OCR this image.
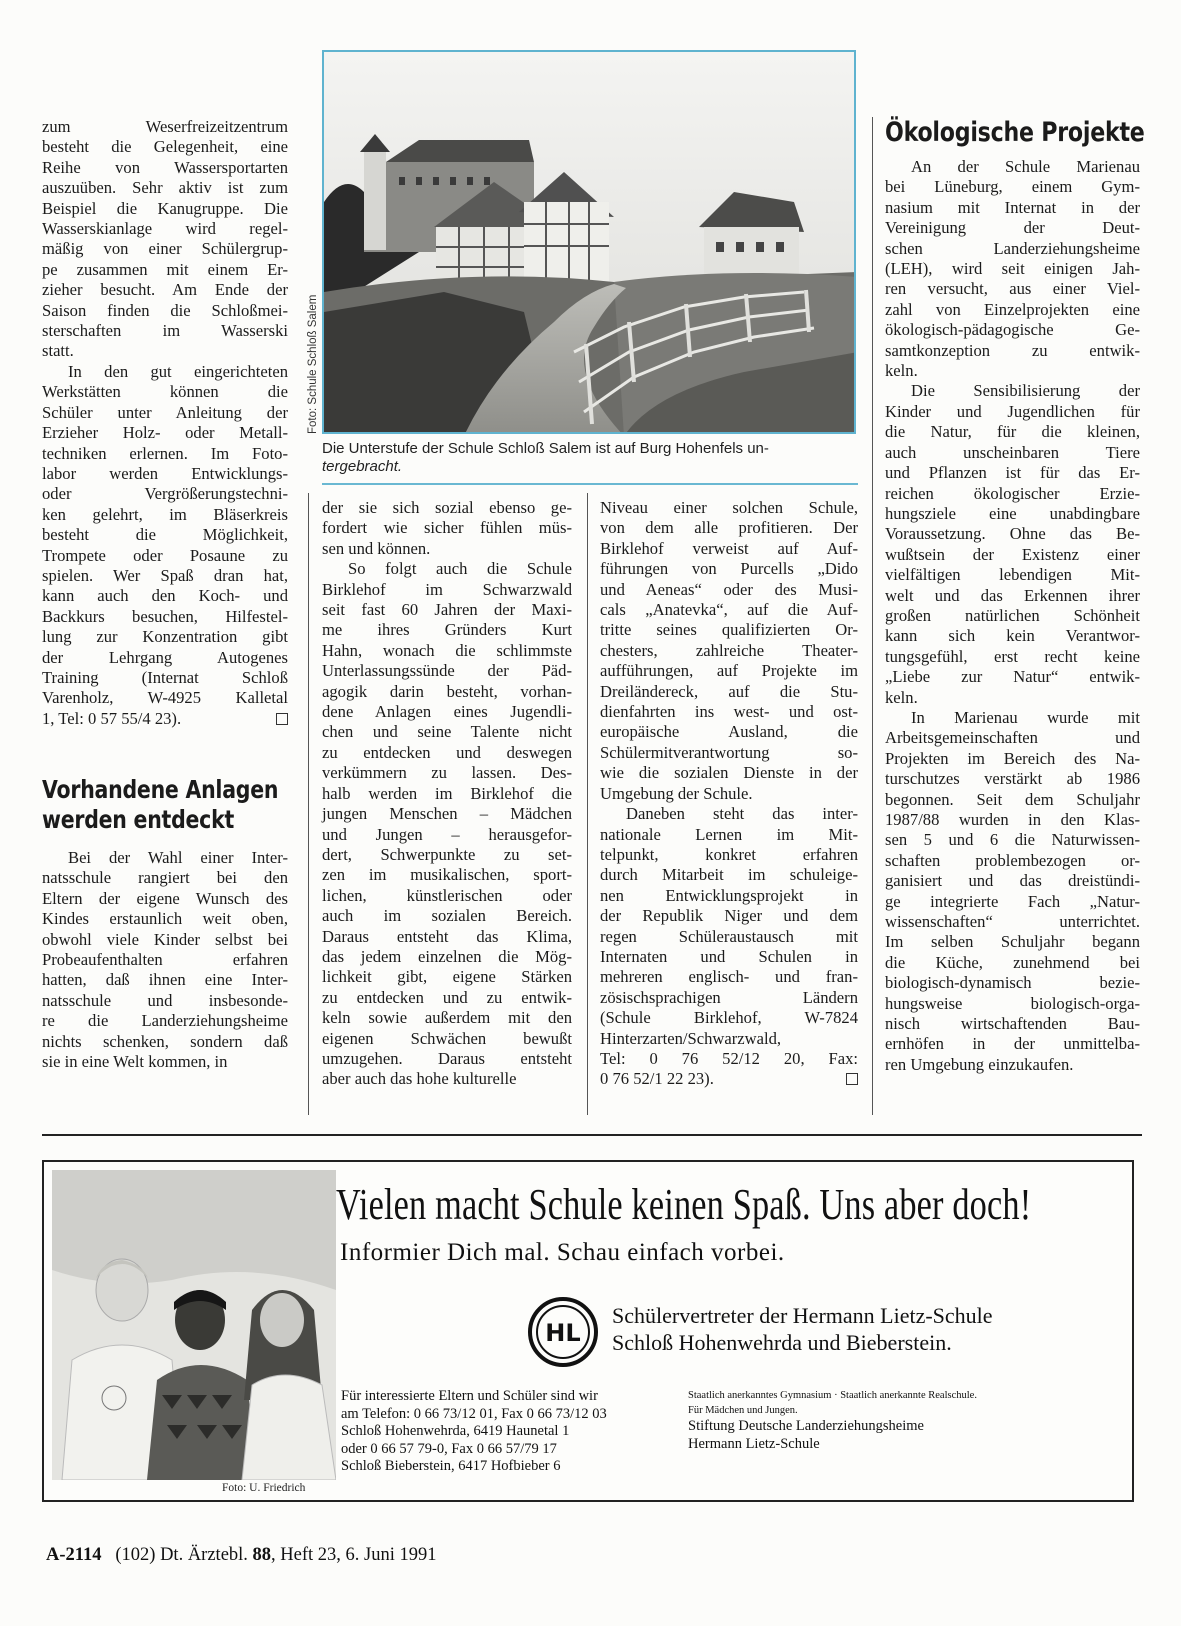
zum Weserfreizeitzentrum

besteht die Gelegenheit, eine

Reihe von Wassersportarten

auszuüben. Sehr aktiv ist zum

Beispiel die Kanugruppe. Die

Wasserskianlage wird regel-

mäßig von einer Schülergrup-

pe zusammen mit einem Er-

zieher besucht. Am Ende der

Saison finden die Schloßmei-

sterschaften im Wasserski

statt.

In den gut eingerichteten

Werkstätten können die

Schüler unter Anleitung der

Erzieher Holz- oder Metall-

techniken erlernen. Im Foto-

labor werden Entwicklungs-

oder Vergrößerungstechni-

ken gelehrt, im Bläserkreis

besteht die Möglichkeit,

Trompete oder Posaune zu

spielen. Wer Spaß dran hat,

kann auch den Koch- und

Backkurs besuchen, Hilfestel-

lung zur Konzentration gibt

der Lehrgang Autogenes

Training (Internat Schloß

Varenholz, W-4925 Kalletal

1, Tel: 0 57 55/4 23).

Vorhandene Anlagen
werden entdeckt

Bei der Wahl einer Inter-

natsschule rangiert bei den

Eltern der eigene Wunsch des

Kindes erstaunlich weit oben,

obwohl viele Kinder selbst bei

Probeaufenthalten erfahren

hatten, daß ihnen eine Inter-

natsschule und insbesonde-

re die Landerziehungsheime

nichts schenken, sondern daß

sie in eine Welt kommen, in

Foto: Schule Schloß Salem
Die Unterstufe der Schule Schloß Salem ist auf Burg Hohenfels un-
tergebracht.

der sie sich sozial ebenso ge-

fordert wie sicher fühlen müs-

sen und können.

So folgt auch die Schule

Birklehof im Schwarzwald

seit fast 60 Jahren der Maxi-

me ihres Gründers Kurt

Hahn, wonach die schlimmste

Unterlassungssünde der Päd-

agogik darin besteht, vorhan-

dene Anlagen eines Jugendli-

chen und seine Talente nicht

zu entdecken und deswegen

verkümmern zu lassen. Des-

halb werden im Birklehof die

jungen Menschen – Mädchen

und Jungen – herausgefor-

dert, Schwerpunkte zu set-

zen im musikalischen, sport-

lichen, künstlerischen oder

auch im sozialen Bereich.

Daraus entsteht das Klima,

das jedem einzelnen die Mög-

lichkeit gibt, eigene Stärken

zu entdecken und zu entwik-

keln sowie außerdem mit den

eigenen Schwächen bewußt

umzugehen. Daraus entsteht

aber auch das hohe kulturelle

Niveau einer solchen Schule,

von dem alle profitieren. Der

Birklehof verweist auf Auf-

führungen von Purcells „Dido

und Aeneas“ oder des Musi-

cals „Anatevka“, auf die Auf-

tritte seines qualifizierten Or-

chesters, zahlreiche Theater-

aufführungen, auf Projekte im

Dreiländereck, auf die Stu-

dienfahrten ins west- und ost-

europäische Ausland, die

Schülermitverantwortung so-

wie die sozialen Dienste in der

Umgebung der Schule.

Daneben steht das inter-

nationale Lernen im Mit-

telpunkt, konkret erfahren

durch Mitarbeit im schuleige-

nen Entwicklungsprojekt in

der Republik Niger und dem

regen Schüleraustausch mit

Internaten und Schulen in

mehreren englisch- und fran-

zösischsprachigen Ländern

(Schule Birklehof, W-7824

Hinterzarten/Schwarzwald,

Tel: 0 76 52/12 20, Fax:

0 76 52/1 22 23).

Ökologische Projekte

An der Schule Marienau

bei Lüneburg, einem Gym-

nasium mit Internat in der

Vereinigung der Deut-

schen Landerziehungsheime

(LEH), wird seit einigen Jah-

ren versucht, aus einer Viel-

zahl von Einzelprojekten eine

ökologisch-pädagogische Ge-

samtkonzeption zu entwik-

keln.

Die Sensibilisierung der

Kinder und Jugendlichen für

die Natur, für die kleinen,

auch unscheinbaren Tiere

und Pflanzen ist für das Er-

reichen ökologischer Erzie-

hungsziele eine unabdingbare

Voraussetzung. Ohne das Be-

wußtsein der Existenz einer

vielfältigen lebendigen Mit-

welt und das Erkennen ihrer

großen natürlichen Schönheit

kann sich kein Verantwor-

tungsgefühl, erst recht keine

„Liebe zur Natur“ entwik-

keln.

In Marienau wurde mit

Arbeitsgemeinschaften und

Projekten im Bereich des Na-

turschutzes verstärkt ab 1986

begonnen. Seit dem Schuljahr

1987/88 wurden in den Klas-

sen 5 und 6 die Naturwissen-

schaften problembezogen or-

ganisiert und das dreistündi-

ge integrierte Fach „Natur-

wissenschaften“ unterrichtet.

Im selben Schuljahr begann

die Küche, zunehmend bei

biologisch-dynamisch bezie-

hungsweise biologisch-orga-

nisch wirtschaftenden Bau-

ernhöfen in der unmittelba-

ren Umgebung einzukaufen.

Vielen macht Schule keinen Spaß. Uns aber doch!
Informier Dich mal. Schau einfach vorbei.
HL
Schülervertreter der Hermann Lietz-Schule
Schloß Hohenwehrda und Bieberstein.
Für interessierte Eltern und Schüler sind wir
am Telefon: 0 66 73/12 01, Fax 0 66 73/12 03
Schloß Hohenwehrda, 6419 Haunetal 1
oder 0 66 57 79-0, Fax 0 66 57/79 17
Schloß Bieberstein, 6417 Hofbieber 6
Staatlich anerkanntes Gymnasium · Staatlich anerkannte Realschule.
Für Mädchen und Jungen.
Stiftung Deutsche Landerziehungsheime
Hermann Lietz-Schule
Foto: U. Friedrich
A-2114 (102) Dt. Ärztebl. 88, Heft 23, 6. Juni 1991
